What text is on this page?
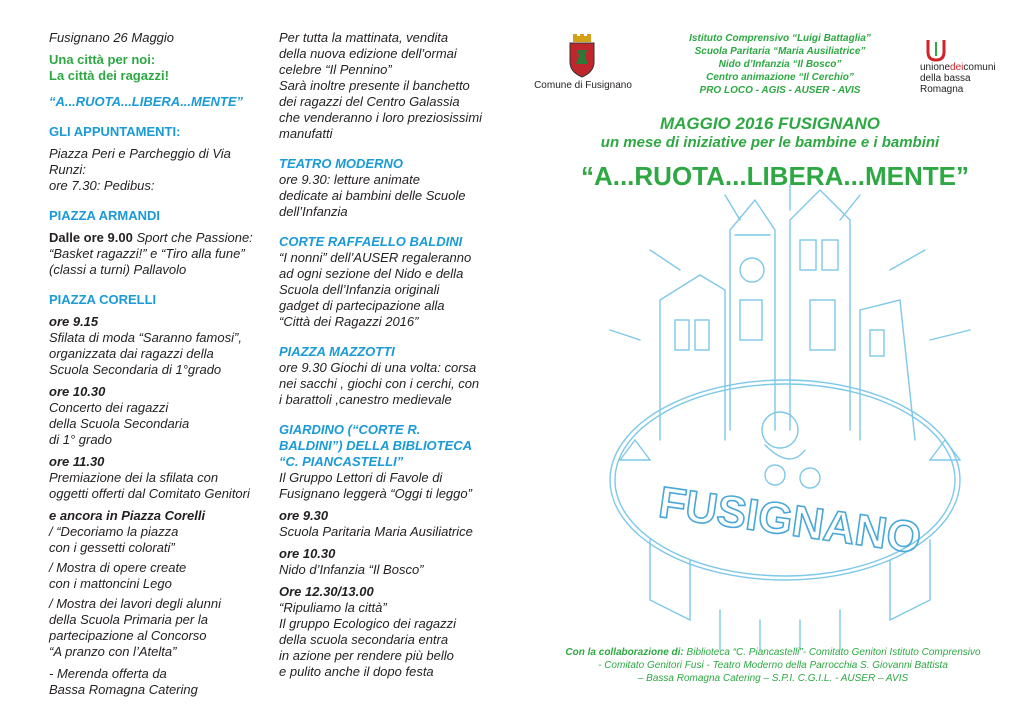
Fusignano 26 Maggio

Una città per noi:

La città dei ragazzi!

“A...RUOTA...LIBERA...MENTE”

GLI APPUNTAMENTI:

Piazza Peri e Parcheggio di Via Runzi:

ore 7.30: Pedibus:

PIAZZA ARMANDI

Dalle ore 9.00 Sport che Passione:

“Basket ragazzi!” e “Tiro alla fune”

(classi a turni) Pallavolo

PIAZZA CORELLI

ore 9.15

Sfilata di moda “Saranno famosi”,

organizzata dai ragazzi della

Scuola Secondaria di 1°grado

ore 10.30

Concerto dei ragazzi

della Scuola Secondaria

di 1° grado

ore 11.30

Premiazione dei la sfilata con

oggetti offerti dal Comitato Genitori

e ancora in Piazza Corelli

/ “Decoriamo la piazza

con i gessetti colorati”

/ Mostra di opere create

con i mattoncini Lego

/ Mostra dei lavori degli alunni

della Scuola Primaria per la

partecipazione al Concorso

“A pranzo con l’Atelta”

- Merenda offerta da

Bassa Romagna Catering

Per tutta la mattinata, vendita

della nuova edizione dell’ormai

celebre “Il Pennino”

Sarà inoltre presente il banchetto

dei ragazzi del Centro Galassia

che venderanno i loro preziosissimi

manufatti

TEATRO MODERNO

ore 9.30: letture animate

dedicate ai bambini delle Scuole

dell’Infanzia

CORTE RAFFAELLO BALDINI

“I nonni” dell’AUSER regaleranno

ad ogni sezione del Nido e della

Scuola dell’Infanzia originali

gadget di partecipazione alla

“Città dei Ragazzi 2016”

PIAZZA MAZZOTTI

ore 9.30 Giochi di una volta: corsa

nei sacchi , giochi con i cerchi, con

i barattoli ,canestro medievale

GIARDINO (“CORTE R.

BALDINI”) DELLA BIBLIOTECA

“C. PIANCASTELLI”

Il Gruppo Lettori di Favole di

Fusignano leggerà “Oggi ti leggo”

ore 9.30

Scuola Paritaria Maria Ausiliatrice

ore 10.30

Nido d’Infanzia “Il Bosco”

Ore 12.30/13.00

“Ripuliamo la città”

Il gruppo Ecologico dei ragazzi

della scuola secondaria entra

in azione per rendere più bello

e pulito anche il dopo festa

Comune di Fusignano
Istituto Comprensivo “Luigi Battaglia”
Scuola Paritaria “Maria Ausiliatrice”
Nido d’Infanzia “Il Bosco”
Centro animazione “Il Cerchio”
PRO LOCO - AGIS - AUSER - AVIS
unionedeicomuni
della bassa Romagna
MAGGIO 2016 FUSIGNANO
un mese di iniziative per le bambine e i bambini
“A...RUOTA...LIBERA...MENTE”
FUSIGNANO
Con la collaborazione di: Biblioteca “C. Piancastelli”- Comitato Genitori Istituto Comprensivo
- Comitato Genitori Fusi - Teatro Moderno della Parrocchia S. Giovanni Battista
– Bassa Romagna Catering – S.P.I. C.G.I.L. - AUSER – AVIS
